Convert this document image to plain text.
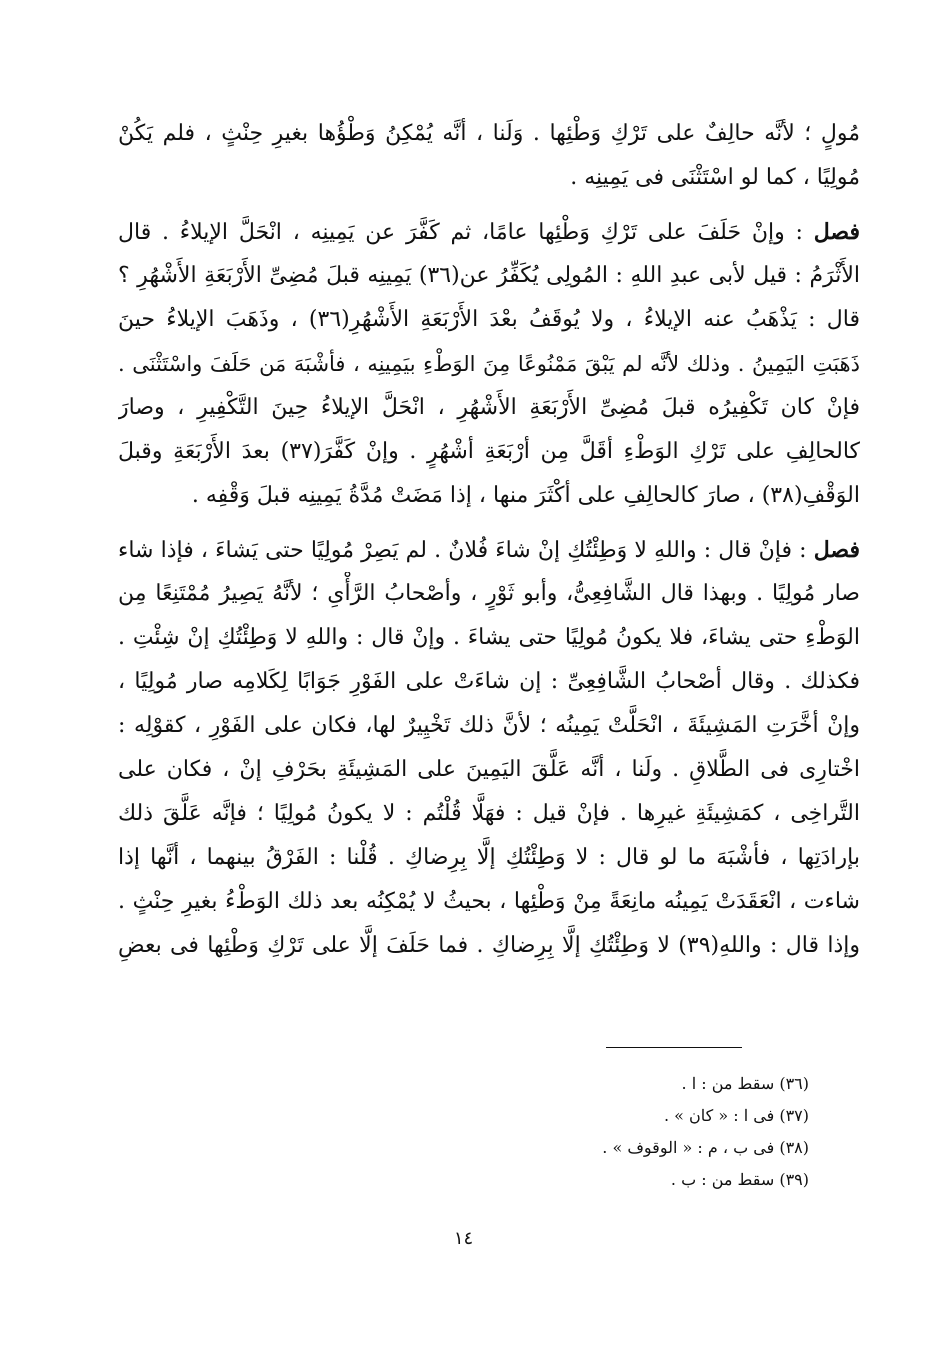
مُولٍ ؛ لأنَّه حالِفٌ على تَرْكِ وَطْئِها . وَلَنا ، أنَّه يُمْكِنُ وَطْؤُها بغيرِ حِنْثٍ ، فلم يَكُنْ
مُولِيًا ، كما لو اسْتَثْنَى فى يَمِينِه .
فصل : وإنْ حَلَفَ على تَرْكِ وَطْئِها عامًا، ثم كَفَّرَ عن يَمِينِه ، انْحَلَّ الإيلاءُ . قال
الأَثْرَمُ : قيل لأبى عبدِ اللهِ : المُولِى يُكَفِّرُ عن(٣٦) يَمِينِه قبلَ مُضِىِّ الأَرْبَعَةِ الأَشْهُرِ ؟
قال : يَذْهَبُ عنه الإيلاءُ ، ولا يُوقَفُ بعْدَ الأَرْبَعَةِ الأَشْهُرِ(٣٦) ، وذَهَبَ الإيلاءُ حينَ
ذَهَبَتِ اليَمِينُ . وذلك لأنَّه لم يَبْقَ مَمْنُوعًا مِنَ الوَطْءِ بيَمِينِه ، فأشْبَهَ مَن حَلَفَ واسْتَثْنَى .
فإنْ كان تَكْفِيرُه قبلَ مُضِىِّ الأَرْبَعَةِ الأَشْهُرِ ، انْحَلَّ الإيلاءُ حِينَ التَّكْفِيرِ ، وصارَ
كالحالِفِ على تَرْكِ الوَطْءِ أقَلَّ مِن أرْبَعَةِ أشْهُرٍ . وإنْ كَفَّرَ(٣٧) بعدَ الأَرْبَعَةِ وقبلَ
الوَقْفِ(٣٨) ، صارَ كالحالِفِ على أكْثَرَ منها ، إذا مَضَتْ مُدَّةُ يَمِينِه قبلَ وَقْفِه .
فصل : فإنْ قال : واللهِ لا وَطِئْتُكِ إنْ شاءَ فُلانٌ . لم يَصِرْ مُولِيًا حتى يَشاءَ ، فإذا شاء
صار مُولِيًا . وبهذا قال الشَّافِعِىُّ، وأبو ثَوْرٍ ، وأصْحابُ الرَّأْىِ ؛ لأنَّهُ يَصِيرُ مُمْتَنِعًا مِن
الوَطْءِ حتى يشاءَ، فلا يكونُ مُولِيًا حتى يشاءَ . وإنْ قال : واللهِ لا وَطِئْتُكِ إنْ شِئْتِ .
فكذلك . وقال أصْحابُ الشَّافِعِىِّ : إن شاءَتْ على الفَوْرِ جَوَابًا لِكَلامِه صار مُولِيًا ،
وإنْ أخَّرَتِ المَشِيئَةَ ، انْحَلَّتْ يَمِينُه ؛ لأنَّ ذلك تَخْيِيرٌ لها، فكان على الفَوْرِ ، كقوْلِه :
اخْتارِى فى الطَّلاقِ . ولَنا ، أنَّه عَلَّقَ اليَمِينَ على المَشِيئَةِ بحَرْفِ إنْ ، فكان على
التَّراخِى ، كمَشِيئَةِ غيرِها . فإنْ قيل : فهَلَّا قُلْتُم : لا يكونُ مُولِيًا ؛ فإنَّه عَلَّقَ ذلك
بإرادَتِها ، فأشْبَهَ ما لو قال : لا وَطِئْتُكِ إلَّا بِرِضاكِ . قُلْنا : الفَرْقُ بينهما ، أنَّها إذا
شاءت ، انْعَقَدَتْ يَمِينُه مانِعَةً مِنْ وَطْئِها ، بحيثُ لا يُمْكِنُه بعد ذلك الوَطْءُ بغيرِ حِنْثٍ .
وإذا قال : واللهِ(٣٩) لا وَطِئْتُكِ إلَّا بِرِضاكِ . فما حَلَفَ إلَّا على تَرْكِ وَطْئِها فى بعضِ
(٣٦) سقط من : ا .
(٣٧) فى ا : « كان » .
(٣٨) فى ب ، م : « الوقوف » .
(٣٩) سقط من : ب .
١٤
